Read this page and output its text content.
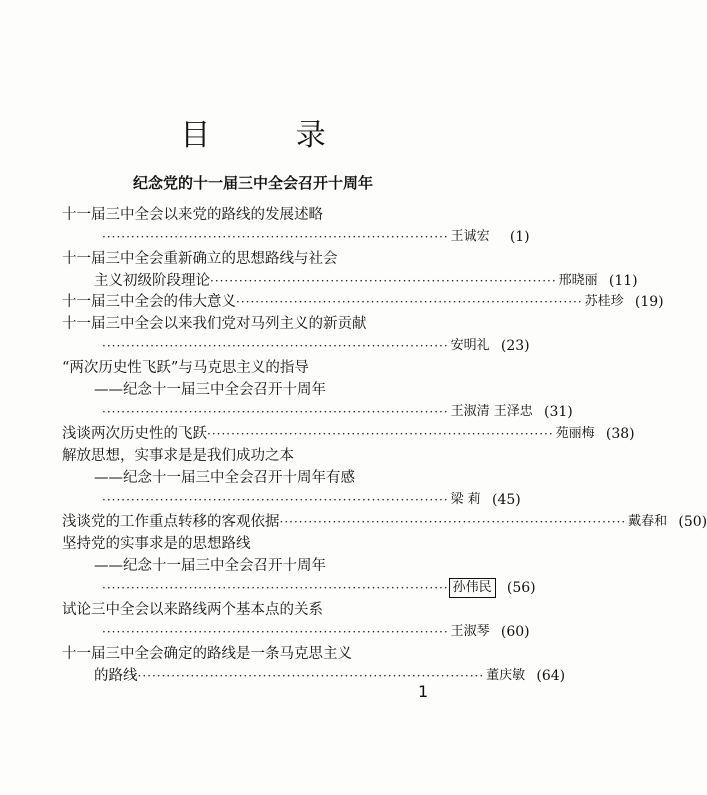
目 录
纪念党的十一届三中全会召开十周年
十一届三中全会以来党的路线的发展述略
········································································ 王诚宏	(1)
十一届三中全会重新确立的思想路线与社会
主义初级阶段理论 ········································································ 邢晓丽 (11)
十一届三中全会的伟大意义 ········································································ 苏桂珍 (19)
十一届三中全会以来我们党对马列主义的新贡献
········································································ 安明礼 (23)
“两次历史性飞跃”与马克思主义的指导
——纪念十一届三中全会召开十周年
········································································ 王淑清 王泽忠 (31)
浅谈两次历史性的飞跃 ········································································ 苑丽梅 (38)
解放思想，实事求是是我们成功之本
——纪念十一届三中全会召开十周年有感
········································································ 梁 莉 (45)
浅谈党的工作重点转移的客观依据 ········································································ 戴春和 (50)
坚持党的实事求是的思想路线
——纪念十一届三中全会召开十周年
········································································ 孙伟民	(56)
试论三中全会以来路线两个基本点的关系
········································································ 王淑琴 (60)
十一届三中全会确定的路线是一条马克思主义
的路线 ········································································ 董庆敏 (64)
1
